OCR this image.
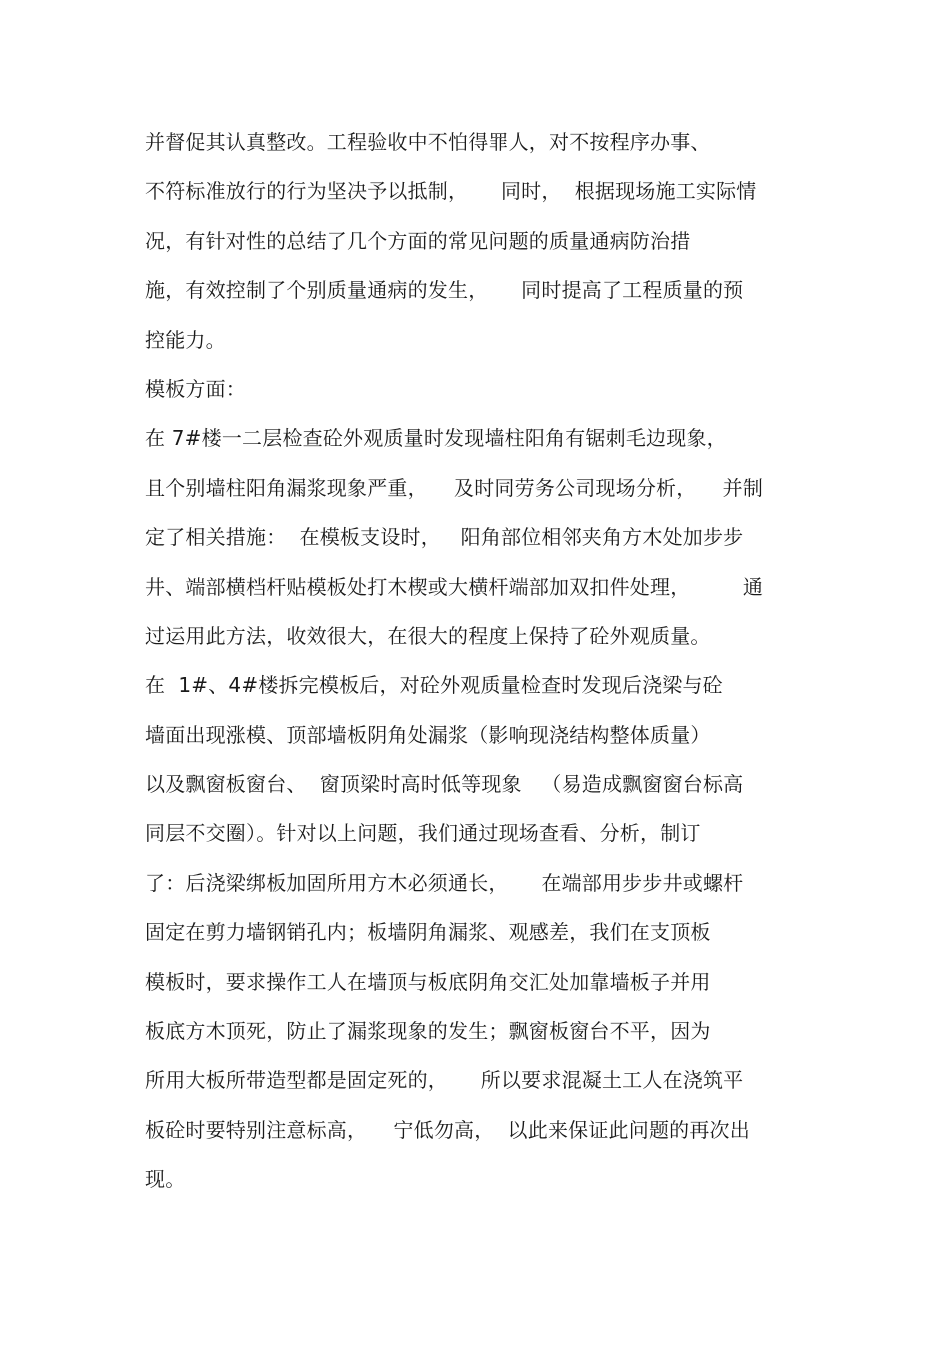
并督促其认真整改。工程验收中不怕得罪人，对不按程序办事、
不符标准放行的行为坚决予以抵制，     同时，  根据现场施工实际情
况，有针对性的总结了几个方面的常见问题的质量通病防治措
施，有效控制了个别质量通病的发生，     同时提高了工程质量的预
控能力。
模板方面：
在 7#楼一二层检查砼外观质量时发现墙柱阳角有锯刺毛边现象，
且个别墙柱阳角漏浆现象严重，    及时同劳务公司现场分析，    并制
定了相关措施：  在模板支设时，   阳角部位相邻夹角方木处加步步
井、端部横档杆贴模板处打木楔或大横杆端部加双扣件处理，        通
过运用此方法，收效很大，在很大的程度上保持了砼外观质量。
在  1#、4#楼拆完模板后，对砼外观质量检查时发现后浇梁与砼
墙面出现涨模、顶部墙板阴角处漏浆（影响现浇结构整体质量）
以及飘窗板窗台、  窗顶梁时高时低等现象   （易造成飘窗窗台标高
同层不交圈）。针对以上问题，我们通过现场查看、分析，制订
了：后浇梁绑板加固所用方木必须通长，     在端部用步步井或螺杆
固定在剪力墙钢销孔内；板墙阴角漏浆、观感差，我们在支顶板
模板时，要求操作工人在墙顶与板底阴角交汇处加靠墙板子并用
板底方木顶死，防止了漏浆现象的发生；飘窗板窗台不平，因为
所用大板所带造型都是固定死的，     所以要求混凝土工人在浇筑平
板砼时要特别注意标高，    宁低勿高，  以此来保证此问题的再次出
现。
